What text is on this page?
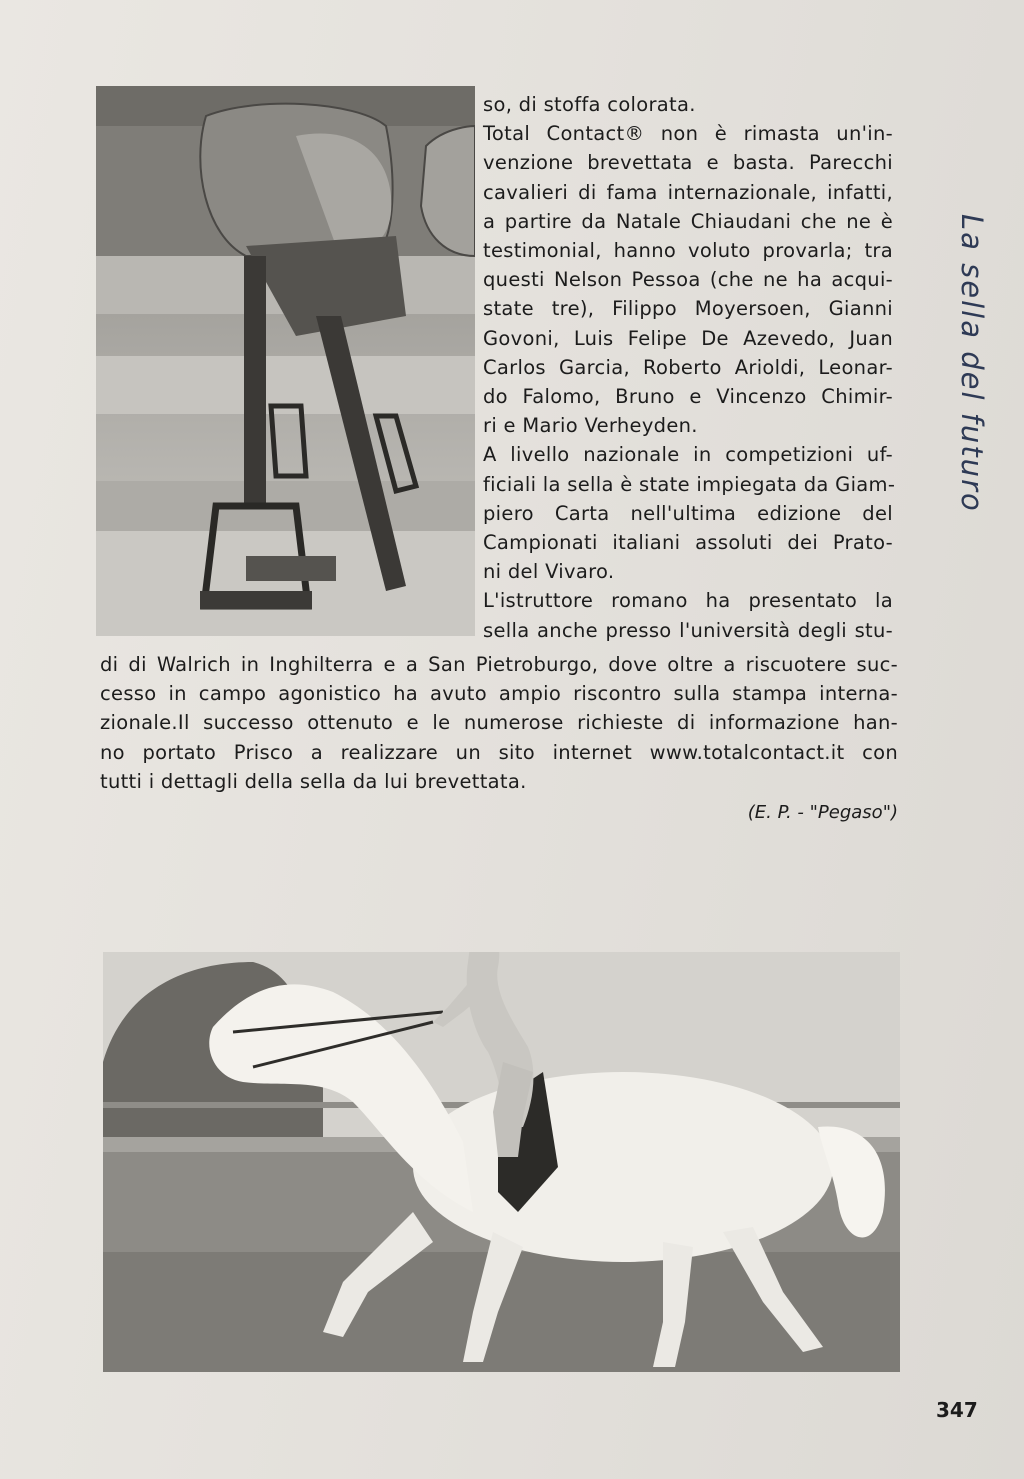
so, di stoffa colorata.
Total Contact® non è rimasta un'in-
venzione brevettata e basta. Parecchi
cavalieri di fama internazionale, infatti,
a partire da Natale Chiaudani che ne è
testimonial, hanno voluto provarla; tra
questi Nelson Pessoa (che ne ha acqui-
state tre), Filippo Moyersoen, Gianni
Govoni, Luis Felipe De Azevedo, Juan
Carlos Garcia, Roberto Arioldi, Leonar-
do Falomo, Bruno e Vincenzo Chimir-
ri e Mario Verheyden.
A livello nazionale in competizioni uf-
ficiali la sella è state impiegata da Giam-
piero Carta nell'ultima edizione del
Campionati italiani assoluti dei Prato-
ni del Vivaro.
L'istruttore romano ha presentato la
sella anche presso l'università degli stu-
di di Walrich in Inghilterra e a San Pietroburgo, dove oltre a riscuotere suc-
cesso in campo agonistico ha avuto ampio riscontro sulla stampa interna-
zionale.Il successo ottenuto e le numerose richieste di informazione han-
no portato Prisco a realizzare un sito internet www.totalcontact.it con
tutti i dettagli della sella da lui brevettata.
(E. P. - "Pegaso")
La sella del futuro
347
